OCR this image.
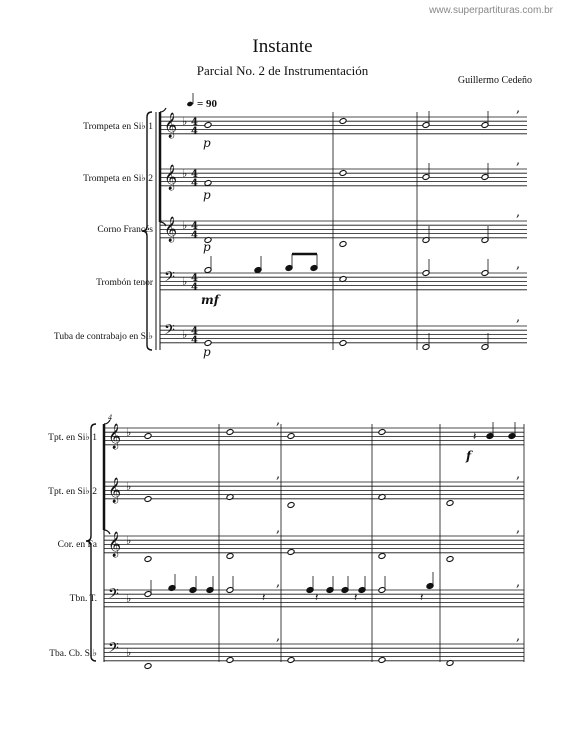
www.superpartituras.com.br
Instante
Parcial No. 2 de Instrumentación
Guillermo Cedeño
Trompeta en Si♭ 1
Trompeta en Si♭ 2
Corno Francés
Trombón tenor
Tuba de contrabajo en Si♭
Tpt. en Si♭ 1
Tpt. en Si♭ 2
Cor. en Fa
Tbn. T.
Tba. Cb. Si♭
= 90
4
𝄞 ♭ 4
4
𝄞 ♭ 4
4
𝄞 ♭ 4
4
𝄢 ♭ 4
4
𝄢 ♭ 4
4
𝄞 ♭
𝄞 ♭
𝄞 ♭
𝄢 ♭
𝄢 ♭
p
p
p
p
mf
f
,
,
,
,
,
,
,
,
,
,
,
,
,
,
𝄽	𝄽
𝄽
𝄽
𝄽
